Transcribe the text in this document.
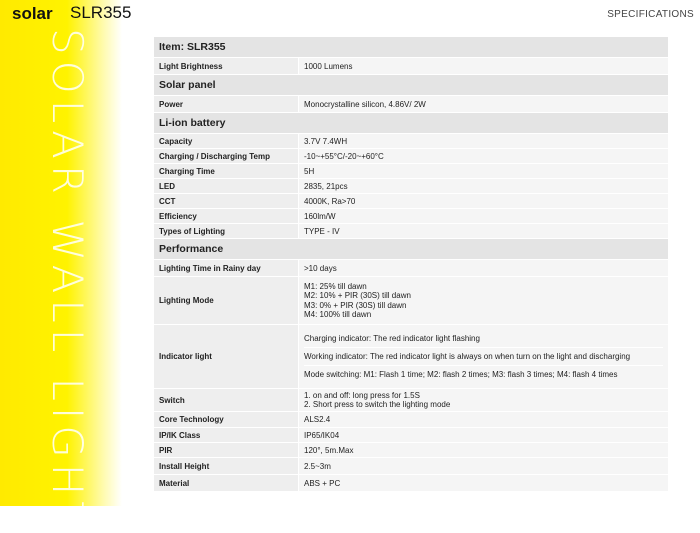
SOLAR WALL LIGHT
solar SLR355	SPECIFICATIONS
Item: SLR355	
Light Brightness	1000 Lumens
Solar panel	
Power	Monocrystalline silicon, 4.86V/ 2W
Li-ion battery	
Capacity	3.7V 7.4WH
Charging / Discharging Temp	-10~+55°C/-20~+60°C
Charging Time	5H
LED	2835, 21pcs
CCT	4000K, Ra>70
Efficiency	160lm/W
Types of Lighting	TYPE - IV
Performance	
Lighting Time in Rainy day	>10 days
Lighting Mode	M1: 25% till dawn
M2: 10% + PIR (30S) till dawn
M3: 0% + PIR (30S) till dawn
M4: 100% till dawn

Indicator light	Charging indicator: The red indicator light flashing
Working indicator: The red indicator light is always on when turn on the light and discharging
Mode switching: M1: Flash 1 time; M2: flash 2 times; M3: flash 3 times; M4: flash 4 times

Switch	1. on and off: long press for 1.5S
2. Short press to switch the lighting mode

Core Technology	ALS2.4
IP/IK Class	IP65/IK04
PIR	120°, 5m.Max
Install Height	2.5~3m
Material	ABS + PC
